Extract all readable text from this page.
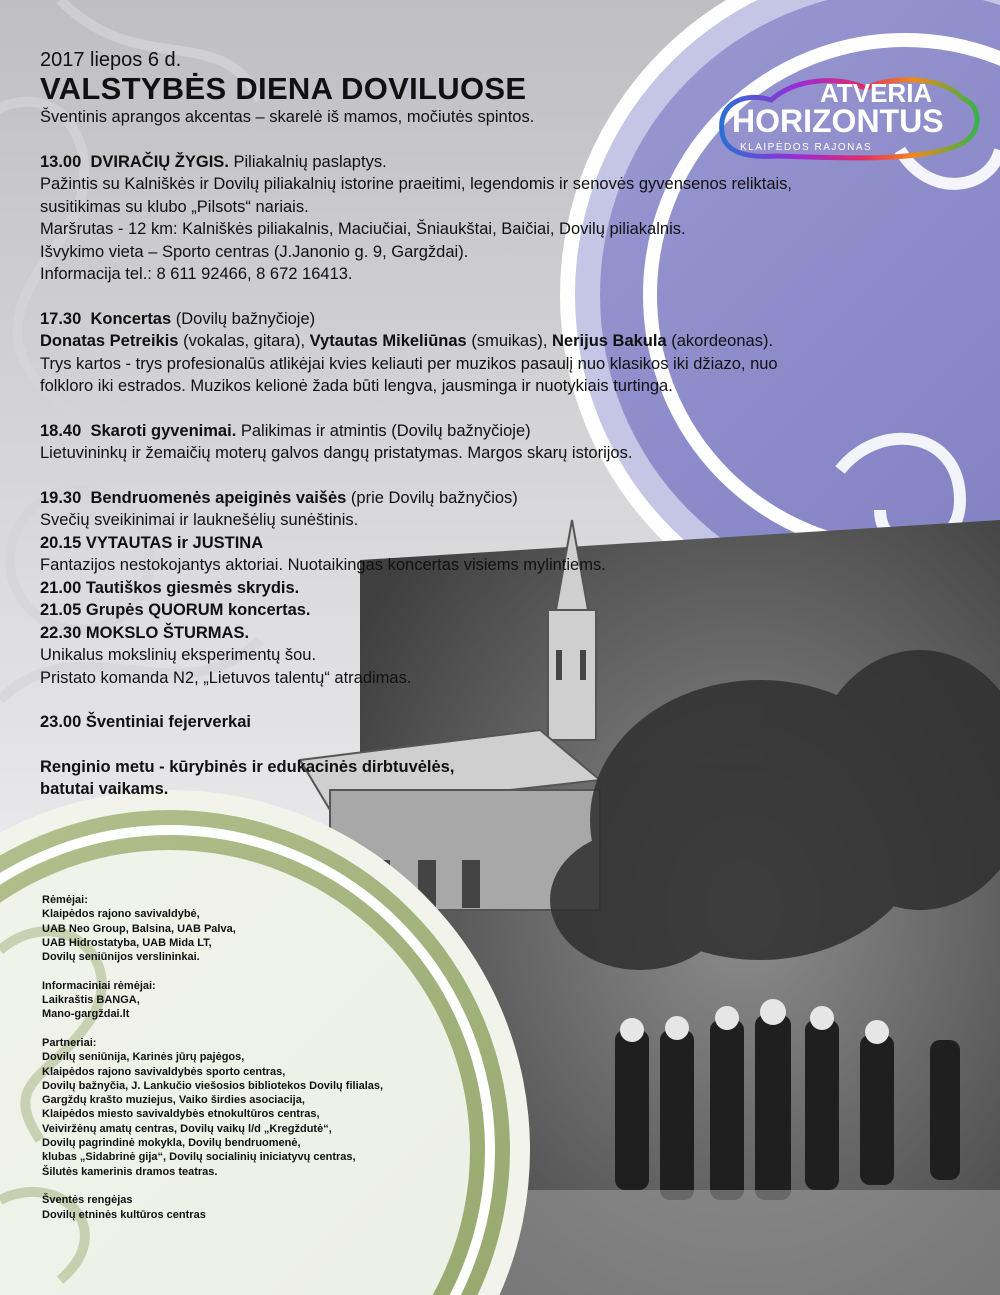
ATVERIA
HORIZONTUS
KLAIPĖDOS RAJONAS
2017 liepos 6 d.
VALSTYBĖS DIENA DOVILUOSE

Šventinis aprangos akcentas – skarelė iš mamos, močiutės spintos.

13.00 DVIRAČIŲ ŽYGIS. Piliakalnių paslaptys.

Pažintis su Kalniškės ir Dovilų piliakalnių istorine praeitimi, legendomis ir senovės gyvensenos reliktais,

susitikimas su klubo „Pilsots“ nariais.

Maršrutas - 12 km: Kalniškės piliakalnis, Maciučiai, Šniaukštai, Baičiai, Dovilų piliakalnis.

Išvykimo vieta – Sporto centras (J.Janonio g. 9, Gargždai).

Informacija tel.: 8 611 92466, 8 672 16413.

17.30 Koncertas (Dovilų bažnyčioje)

Donatas Petreikis (vokalas, gitara), Vytautas Mikeliūnas (smuikas), Nerijus Bakula (akordeonas).

Trys kartos - trys profesionalūs atlikėjai kvies keliauti per muzikos pasaulį nuo klasikos iki džiazo, nuo

folkloro iki estrados. Muzikos kelionė žada būti lengva, jausminga ir nuotykiais turtinga.

18.40 Skaroti gyvenimai. Palikimas ir atmintis (Dovilų bažnyčioje)

Lietuvininkų ir žemaičių moterų galvos dangų pristatymas. Margos skarų istorijos.

19.30 Bendruomenės apeiginės vaišės (prie Dovilų bažnyčios)

Svečių sveikinimai ir lauknešėlių sunėštinis.

20.15 VYTAUTAS ir JUSTINA

Fantazijos nestokojantys aktoriai. Nuotaikingas koncertas visiems mylintiems.

21.00 Tautiškos giesmės skrydis.

21.05 Grupės QUORUM koncertas.

22.30 MOKSLO ŠTURMAS.

Unikalus mokslinių eksperimentų šou.

Pristato komanda N2, „Lietuvos talentų“ atradimas.

23.00 Šventiniai fejerverkai

Renginio metu - kūrybinės ir edukacinės dirbtuvėlės,

batutai vaikams.

Rėmėjai:
Klaipėdos rajono savivaldybė,
UAB Neo Group, Balsina, UAB Palva,
UAB Hidrostatyba, UAB Mida LT,
Dovilų seniūnijos verslininkai.
Informaciniai rėmėjai:
Laikraštis BANGA,
Mano-gargždai.lt
Partneriai:
Dovilų seniūnija, Karinės jūrų pajėgos,
Klaipėdos rajono savivaldybės sporto centras,
Dovilų bažnyčia, J. Lankučio viešosios bibliotekos Dovilų filialas,
Gargždų krašto muziejus, Vaiko širdies asociacija,
Klaipėdos miesto savivaldybės etnokultūros centras,
Veiviržėnų amatų centras, Dovilų vaikų l/d „Kregždutė“,
Dovilų pagrindinė mokykla, Dovilų bendruomenė,
klubas „Sidabrinė gija“, Dovilų socialinių iniciatyvų centras,
Šilutės kamerinis dramos teatras.
Šventės rengėjas
Dovilų etninės kultūros centras
